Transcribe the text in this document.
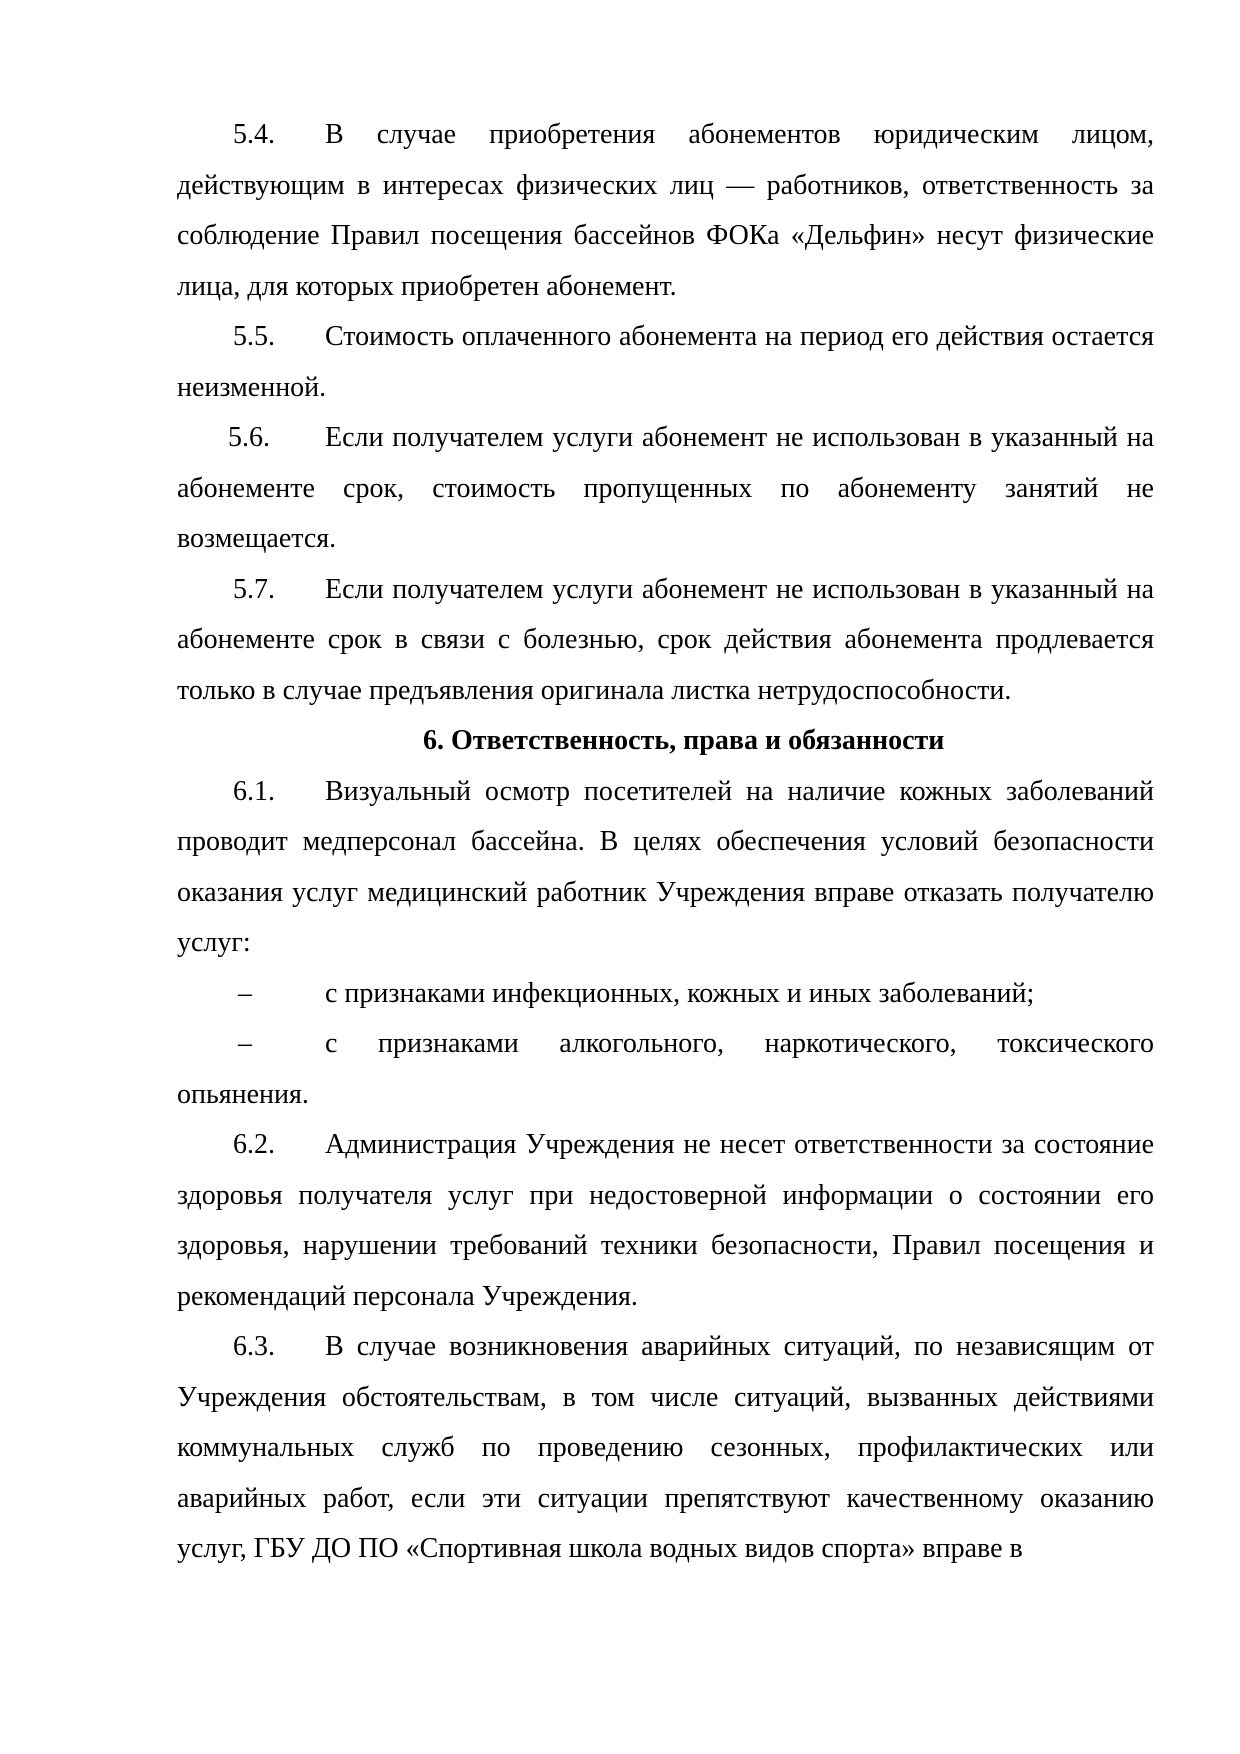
5.4. В случае приобретения абонементов юридическим лицом, действующим в интересах физических лиц — работников, ответственность за соблюдение Правил посещения бассейнов ФОКа «Дельфин» несут физические лица, для которых приобретен абонемент.

5.5. Стоимость оплаченного абонемента на период его действия остается неизменной.

5.6. Если получателем услуги абонемент не использован в указанный на абонементе срок, стоимость пропущенных по абонементу занятий не возмещается.

5.7. Если получателем услуги абонемент не использован в указанный на абонементе срок в связи с болезнью, срок действия абонемента продлевается только в случае предъявления оригинала листка нетрудоспособности.

6. Ответственность, права и обязанности

6.1. Визуальный осмотр посетителей на наличие кожных заболеваний проводит медперсонал бассейна. В целях обеспечения условий безопасности оказания услуг медицинский работник Учреждения вправе отказать получателю услуг:

–	с признаками инфекционных, кожных и иных заболеваний;

–	с признаками алкогольного, наркотического, токсического опьянения.

6.2. Администрация Учреждения не несет ответственности за состояние здоровья получателя услуг при недостоверной информации о состоянии его здоровья, нарушении требований техники безопасности, Правил посещения и рекомендаций персонала Учреждения.

6.3. В случае возникновения аварийных ситуаций, по независящим от Учреждения обстоятельствам, в том числе ситуаций, вызванных действиями коммунальных служб по проведению сезонных, профилактических или аварийных работ, если эти ситуации препятствуют качественному оказанию услуг, ГБУ ДО ПО «Спортивная школа водных видов спорта» вправе в
